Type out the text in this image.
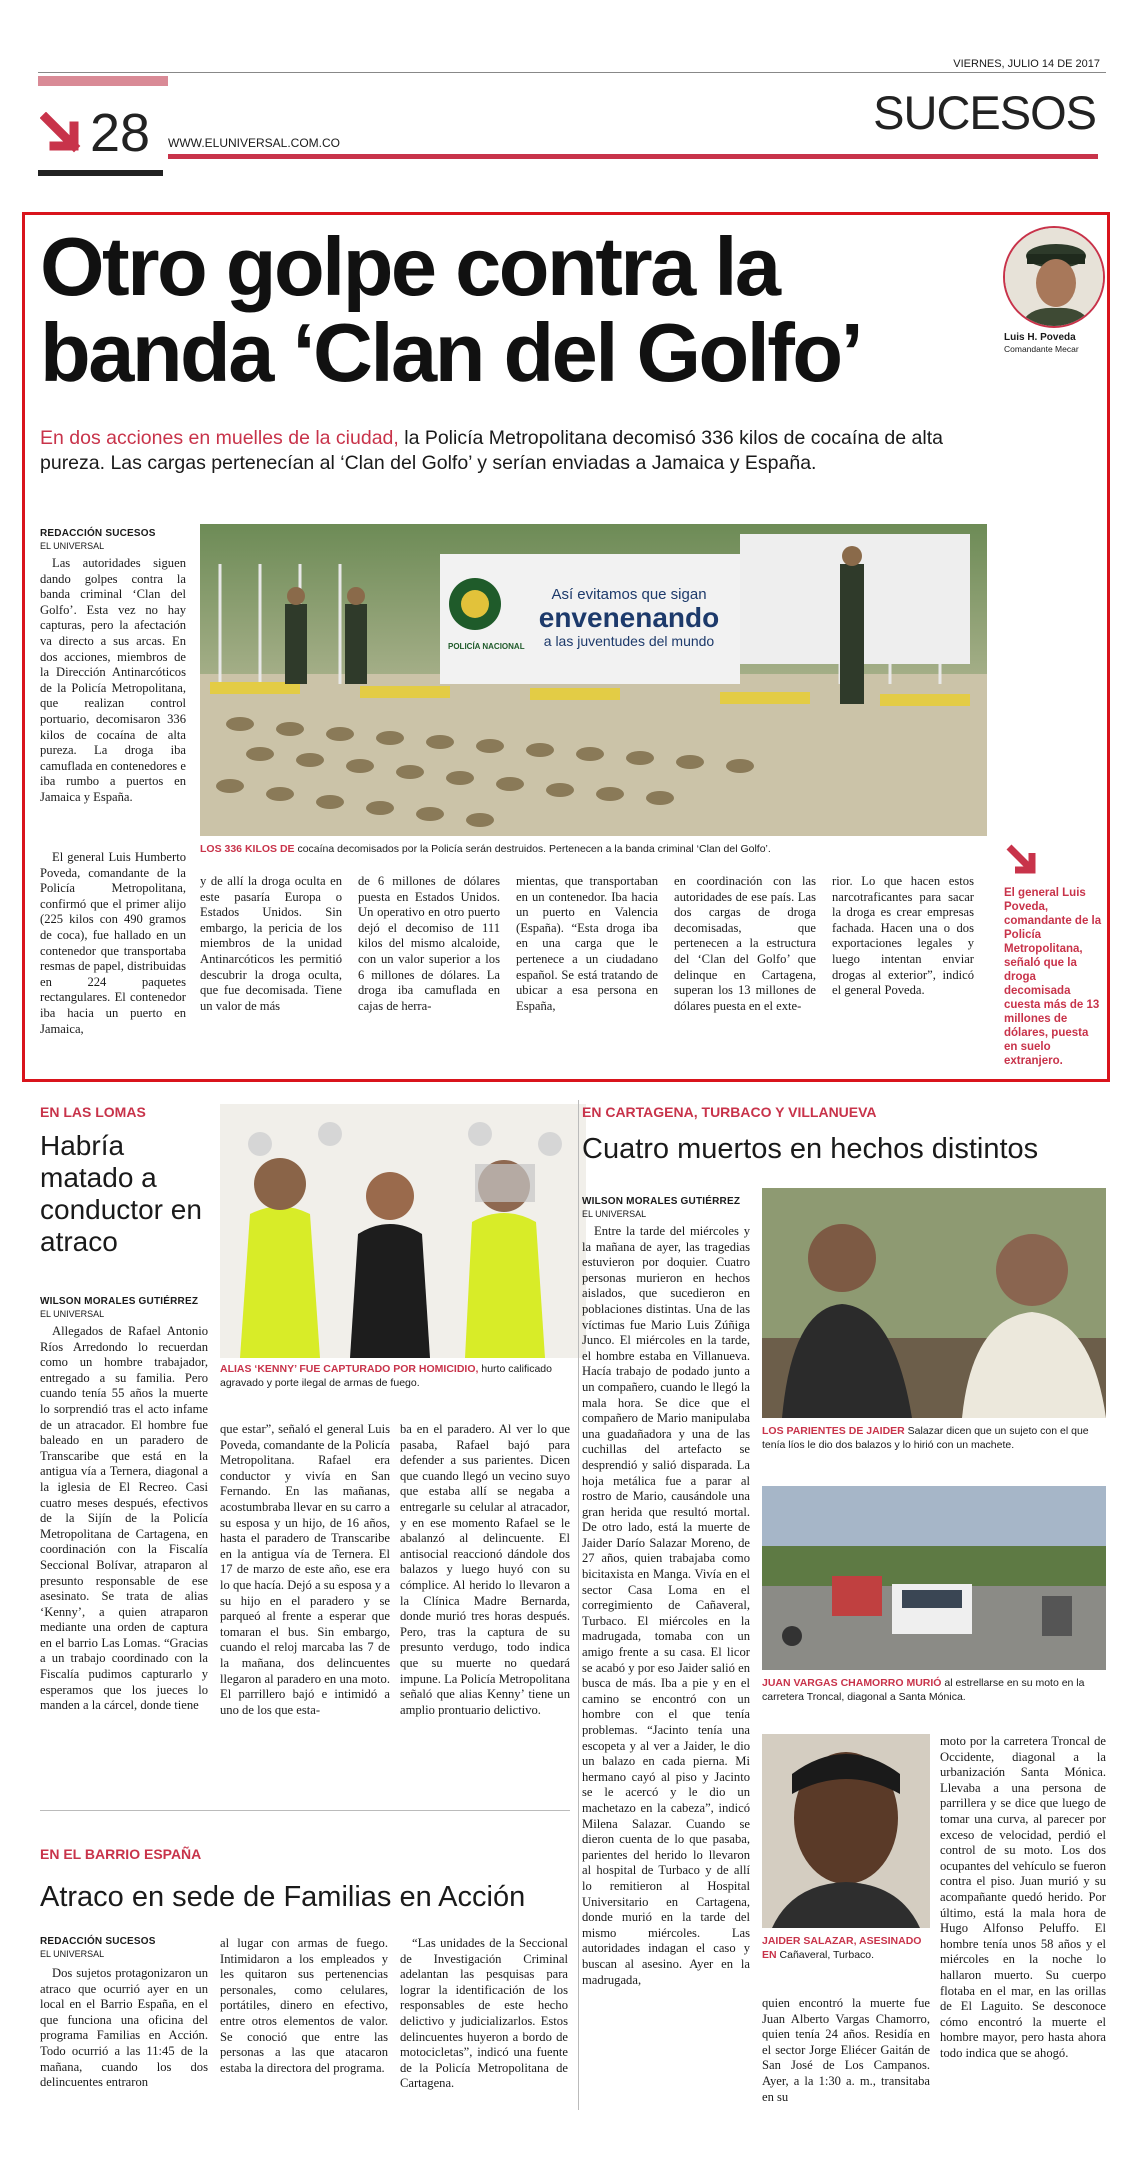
VIERNES, JULIO 14 DE 2017
28 WWW.ELUNIVERSAL.COM.CO
SUCESOS
Otro golpe contra la
banda ‘Clan del Golfo’	Luis H. Poveda
Comandante Mecar
En dos acciones en muelles de la ciudad, la Policía Metropolitana decomisó 336 kilos de cocaína de alta pureza. Las cargas pertenecían al ‘Clan del Golfo’ y serían enviadas a Jamaica y España.
REDACCIÓN SUCESOS
EL UNIVERSAL
Las autoridades siguen dando golpes contra la banda criminal ‘Clan del Golfo’. Esta vez no hay capturas, pero la afectación va directo a sus arcas. En dos acciones, miembros de la Dirección Antinarcóticos de la Policía Metropolitana, que realizan control portuario, decomisaron 336 kilos de cocaína de alta pureza. La droga iba camuflada en contenedores e iba rumbo a puertos en Jamaica y España.
El general Luis Humberto Poveda, comandante de la Policía Metropolitana, confirmó que el primer alijo (225 kilos con 490 gramos de coca), fue hallado en un contenedor que transportaba resmas de papel, distribuidas en 224 paquetes rectangulares. El contenedor iba hacia un puerto en Jamaica,
Así evitamos que sigan
envenenando
a las juventudes del mundo
POLICÍA NACIONAL
LOS 336 KILOS DE cocaína decomisados por la Policía serán destruidos. Pertenecen a la banda criminal ‘Clan del Golfo’.
y de allí la droga oculta en este pasaría Europa o Estados Unidos. Sin embargo, la pericia de los miembros de la unidad Antinarcóticos les permitió descubrir la droga oculta, que fue decomisada. Tiene un valor de más
de 6 millones de dólares puesta en Estados Unidos. Un operativo en otro puerto dejó el decomiso de 111 kilos del mismo alcaloide, con un valor superior a los 6 millones de dólares. La droga iba camuflada en cajas de herra-
mientas, que transportaban en un contenedor. Iba hacia un puerto en Valencia (España). “Esta droga iba en una carga que le pertenece a un ciudadano español. Se está tratando de ubicar a esa persona en España,
en coordinación con las autoridades de ese país. Las dos cargas de droga decomisadas, que pertenecen a la estructura del ‘Clan del Golfo’ que delinque en Cartagena, superan los 13 millones de dólares puesta en el exte-
rior. Lo que hacen estos narcotraficantes para sacar la droga es crear empresas fachada. Hacen una o dos exportaciones legales y luego intentan enviar drogas al exterior”, indicó el general Poveda.
El general Luis Poveda, comandante de la Policía Metropolitana, señaló que la droga decomisada cuesta más de 13 millones de dólares, puesta en suelo extranjero.
EN LAS LOMAS
Habría matado a conductor en atraco
WILSON MORALES GUTIÉRREZ
EL UNIVERSAL
Allegados de Rafael Antonio Ríos Arredondo lo recuerdan como un hombre trabajador, entregado a su familia. Pero cuando tenía 55 años la muerte lo sorprendió tras el acto infame de un atracador. El hombre fue baleado en un paradero de Transcaribe que está en la antigua vía a Ternera, diagonal a la iglesia de El Recreo. Casi cuatro meses después, efectivos de la Sijín de la Policía Metropolitana de Cartagena, en coordinación con la Fiscalía Seccional Bolívar, atraparon al presunto responsable de ese asesinato. Se trata de alias ‘Kenny’, a quien atraparon mediante una orden de captura en el barrio Las Lomas. “Gracias a un trabajo coordinado con la Fiscalía pudimos capturarlo y esperamos que los jueces lo manden a la cárcel, donde tiene
ALIAS ‘KENNY’ FUE CAPTURADO POR HOMICIDIO, hurto calificado agravado y porte ilegal de armas de fuego.
que estar”, señaló el general Luis Poveda, comandante de la Policía Metropolitana. Rafael era conductor y vivía en San Fernando. En las mañanas, acostumbraba llevar en su carro a su esposa y un hijo, de 16 años, hasta el paradero de Transcaribe en la antigua vía de Ternera. El 17 de marzo de este año, ese era lo que hacía. Dejó a su esposa y a su hijo en el paradero y se parqueó al frente a esperar que tomaran el bus. Sin embargo, cuando el reloj marcaba las 7 de la mañana, dos delincuentes llegaron al paradero en una moto. El parrillero bajó e intimidó a uno de los que esta-
ba en el paradero. Al ver lo que pasaba, Rafael bajó para defender a sus parientes. Dicen que cuando llegó un vecino suyo que estaba allí se negaba a entregarle su celular al atracador, y en ese momento Rafael se le abalanzó al delincuente. El antisocial reaccionó dándole dos balazos y luego huyó con su cómplice. Al herido lo llevaron a la Clínica Madre Bernarda, donde murió tres horas después. Pero, tras la captura de su presunto verdugo, todo indica que su muerte no quedará impune. La Policía Metropolitana señaló que alias Kenny’ tiene un amplio prontuario delictivo.
EN EL BARRIO ESPAÑA
Atraco en sede de Familias en Acción
REDACCIÓN SUCESOS
EL UNIVERSAL
Dos sujetos protagonizaron un atraco que ocurrió ayer en un local en el Barrio España, en el que funciona una oficina del programa Familias en Acción. Todo ocurrió a las 11:45 de la mañana, cuando los dos delincuentes entraron
al lugar con armas de fuego. Intimidaron a los empleados y les quitaron sus pertenencias personales, como celulares, portátiles, dinero en efectivo, entre otros elementos de valor. Se conoció que entre las personas a las que atacaron estaba la directora del programa.
“Las unidades de la Seccional de Investigación Criminal adelantan las pesquisas para lograr la identificación de los responsables de este hecho delictivo y judicializarlos. Estos delincuentes huyeron a bordo de motocicletas”, indicó una fuente de la Policía Metropolitana de Cartagena.
EN CARTAGENA, TURBACO Y VILLANUEVA
Cuatro muertos en hechos distintos
WILSON MORALES GUTIÉRREZ
EL UNIVERSAL
Entre la tarde del miércoles y la mañana de ayer, las tragedias estuvieron por doquier. Cuatro personas murieron en hechos aislados, que sucedieron en poblaciones distintas. Una de las víctimas fue Mario Luis Zúñiga Junco. El miércoles en la tarde, el hombre estaba en Villanueva. Hacía trabajo de podado junto a un compañero, cuando le llegó la mala hora. Se dice que el compañero de Mario manipulaba una guadañadora y una de las cuchillas del artefacto se desprendió y salió disparada. La hoja metálica fue a parar al rostro de Mario, causándole una gran herida que resultó mortal. De otro lado, está la muerte de Jaider Darío Salazar Moreno, de 27 años, quien trabajaba como bicitaxista en Manga. Vivía en el sector Casa Loma en el corregimiento de Cañaveral, Turbaco. El miércoles en la madrugada, tomaba con un amigo frente a su casa. El licor se acabó y por eso Jaider salió en busca de más. Iba a pie y en el camino se encontró con un hombre con el que tenía problemas. “Jacinto tenía una escopeta y al ver a Jaider, le dio un balazo en cada pierna. Mi hermano cayó al piso y Jacinto se le acercó y le dio un machetazo en la cabeza”, indicó Milena Salazar. Cuando se dieron cuenta de lo que pasaba, parientes del herido lo llevaron al hospital de Turbaco y de allí lo remitieron al Hospital Universitario en Cartagena, donde murió en la tarde del mismo miércoles. Las autoridades indagan el caso y buscan al asesino. Ayer en la madrugada,
LOS PARIENTES DE JAIDER Salazar dicen que un sujeto con el que tenía líos le dio dos balazos y lo hirió con un machete.
JUAN VARGAS CHAMORRO MURIÓ al estrellarse en su moto en la carretera Troncal, diagonal a Santa Mónica.
JAIDER SALAZAR, ASESINADO EN Cañaveral, Turbaco.
quien encontró la muerte fue Juan Alberto Vargas Chamorro, quien tenía 24 años. Residía en el sector Jorge Eliécer Gaitán de San José de Los Campanos. Ayer, a la 1:30 a. m., transitaba en su
moto por la carretera Troncal de Occidente, diagonal a la urbanización Santa Mónica. Llevaba a una persona de parrillera y se dice que luego de tomar una curva, al parecer por exceso de velocidad, perdió el control de su moto. Los dos ocupantes del vehículo se fueron contra el piso. Juan murió y su acompañante quedó herido. Por último, está la mala hora de Hugo Alfonso Peluffo. El hombre tenía unos 58 años y el miércoles en la noche lo hallaron muerto. Su cuerpo flotaba en el mar, en las orillas de El Laguito. Se desconoce cómo encontró la muerte el hombre mayor, pero hasta ahora todo indica que se ahogó.
